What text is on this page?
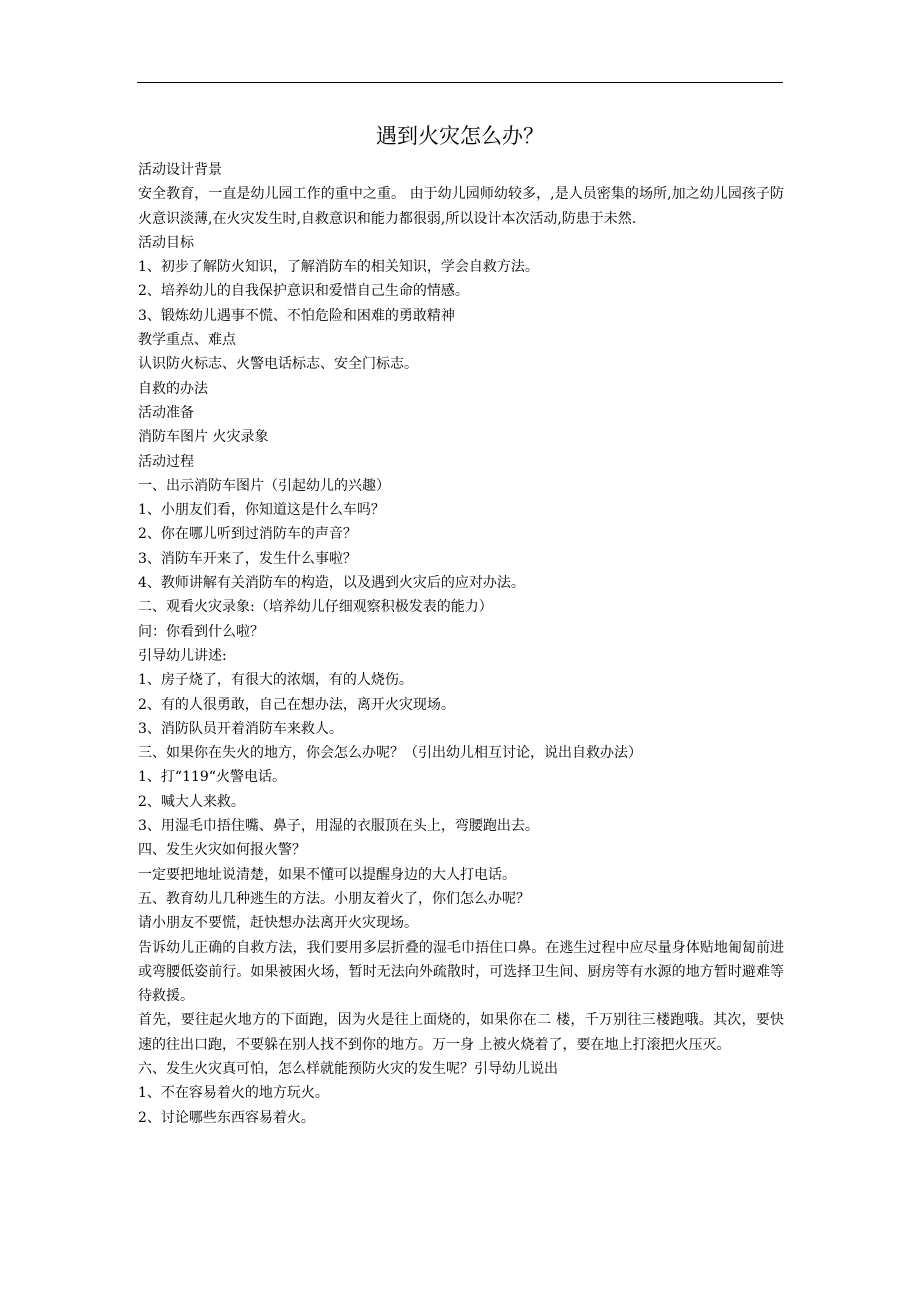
遇到火灾怎么办？
活动设计背景
安全教育，一直是幼儿园工作的重中之重。 由于幼儿园师幼较多，,是人员密集的场所,加之幼儿园孩子防火意识淡薄,在火灾发生时,自救意识和能力都很弱,所以设计本次活动,防患于未然.
活动目标
1、初步了解防火知识，了解消防车的相关知识，学会自救方法。
2、培养幼儿的自我保护意识和爱惜自己生命的情感。
3、锻炼幼儿遇事不慌、不怕危险和困难的勇敢精神
教学重点、难点
认识防火标志、火警电话标志、安全门标志。
自救的办法
活动准备
消防车图片 火灾录象
活动过程
一、出示消防车图片（引起幼儿的兴趣）
1、小朋友们看，你知道这是什么车吗？
2、你在哪儿听到过消防车的声音？
3、消防车开来了，发生什么事啦？
4、教师讲解有关消防车的构造，以及遇到火灾后的应对办法。
二、观看火灾录象:（培养幼儿仔细观察积极发表的能力）
问：你看到什么啦？
引导幼儿讲述:
1、房子烧了，有很大的浓烟，有的人烧伤。
2、有的人很勇敢，自己在想办法，离开火灾现场。
3、消防队员开着消防车来救人。
三、如果你在失火的地方，你会怎么办呢？（引出幼儿相互讨论，说出自救办法）
1、打“119“火警电话。
2、喊大人来救。
3、用湿毛巾捂住嘴、鼻子，用湿的衣服顶在头上，弯腰跑出去。
四、发生火灾如何报火警？
一定要把地址说清楚，如果不懂可以提醒身边的大人打电话。
五、教育幼儿几种逃生的方法。小朋友着火了，你们怎么办呢？
请小朋友不要慌，赶快想办法离开火灾现场。
告诉幼儿正确的自救方法，我们要用多层折叠的湿毛巾捂住口鼻。在逃生过程中应尽量身体贴地匍匐前进或弯腰低姿前行。如果被困火场，暂时无法向外疏散时，可选择卫生间、厨房等有水源的地方暂时避难等待救援。
首先，要往起火地方的下面跑，因为火是往上面烧的，如果你在二 楼，千万别往三楼跑哦。其次，要快速的往出口跑，不要躲在别人找不到你的地方。万一身 上被火烧着了，要在地上打滚把火压灭。
六、发生火灾真可怕，怎么样就能预防火灾的发生呢？引导幼儿说出
1、不在容易着火的地方玩火。
2、讨论哪些东西容易着火。
